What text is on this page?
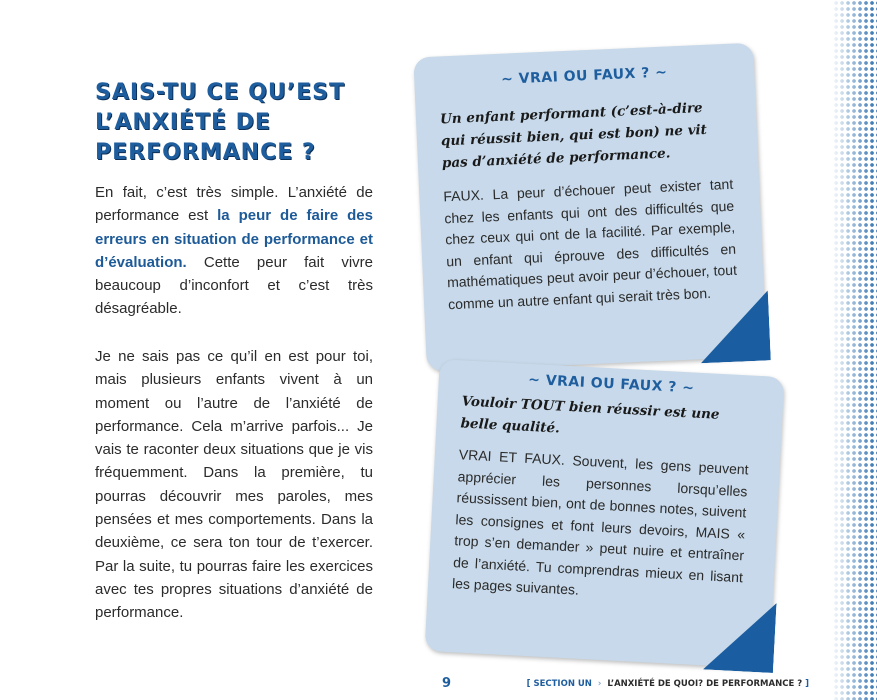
SAIS-TU CE QU’EST L’ANXIÉTÉ DE PERFORMANCE ?

En fait, c’est très simple. L’anxiété de performance est la peur de faire des erreurs en situation de performance et d’évaluation. Cette peur fait vivre beaucoup d’inconfort et c’est très désagréable.

Je ne sais pas ce qu’il en est pour toi, mais plusieurs enfants vivent à un moment ou l’autre de l’anxiété de performance. Cela m’arrive parfois... Je vais te raconter deux situations que je vis fréquemment. Dans la première, tu pourras découvrir mes paroles, mes pensées et mes comportements. Dans la deuxième, ce sera ton tour de t’exercer. Par la suite, tu pourras faire les exercices avec tes propres situations d’anxiété de performance.

~ VRAI OU FAUX ? ~
Un enfant performant (c’est-à-dire qui réussit bien, qui est bon) ne vit pas d’anxiété de performance.
FAUX. La peur d’échouer peut exister tant chez les enfants qui ont des difficultés que chez ceux qui ont de la facilité. Par exemple, un enfant qui éprouve des difficultés en mathématiques peut avoir peur d’échouer, tout comme un autre enfant qui serait très bon.
~ VRAI OU FAUX ? ~
Vouloir TOUT bien réussir est une belle qualité.
VRAI ET FAUX. Souvent, les gens peuvent apprécier les personnes lorsqu’elles réussissent bien, ont de bonnes notes, suivent les consignes et font leurs devoirs, MAIS « trop s’en demander » peut nuire et entraîner de l’anxiété. Tu comprendras mieux en lisant les pages suivantes.
9	[ SECTION UN › L’ANXIÉTÉ DE QUOI? DE PERFORMANCE ? ]
